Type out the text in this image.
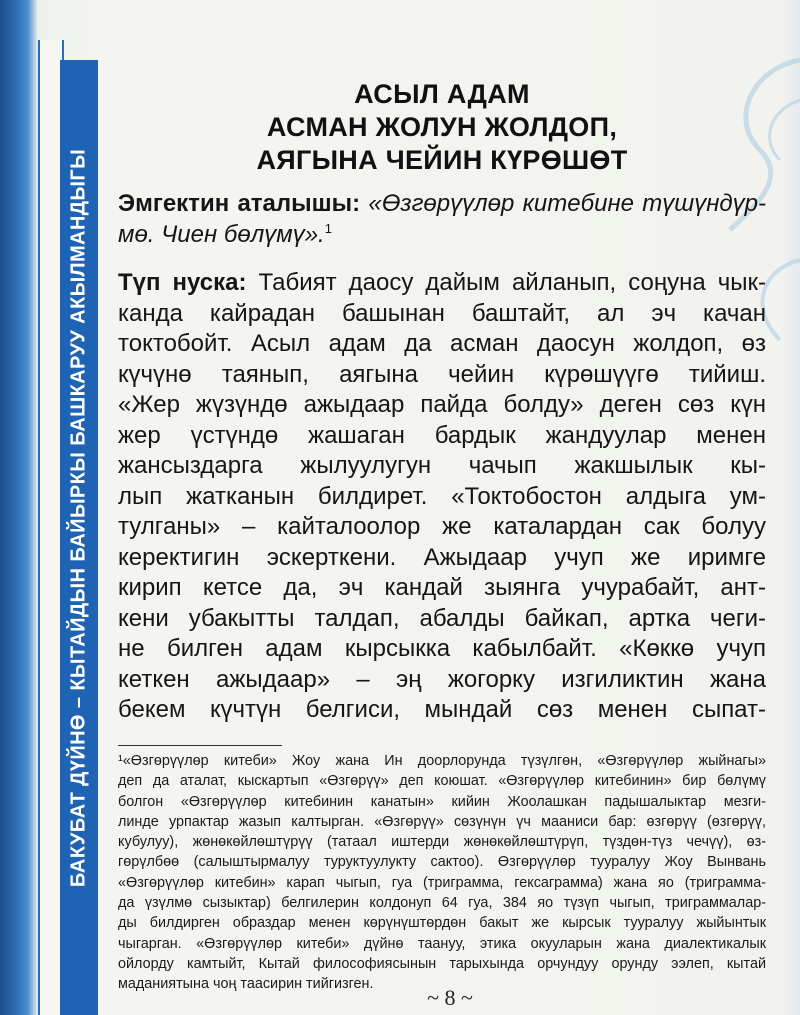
БАКУБАТ ДҮЙНӨ – КЫТАЙДЫН БАЙЫРКЫ БАШКАРУУ АКЫЛМАНДЫГЫ
АСЫЛ АДАМ
АСМАН ЖОЛУН ЖОЛДОП,
АЯГЫНА ЧЕЙИН КҮРӨШӨТ

Эмгектин аталышы: «Өзгөрүүлөр китебине түшүндүр-
мө. Чиен бөлүмү».$^1$

Түп нуска: Табият даосу дайым айланып, соңуна чык-
канда кайрадан башынан баштайт, ал эч качан
токтобойт. Асыл адам да асман даосун жолдоп, өз
күчүнө таянып, аягына чейин күрөшүүгө тийиш.
«Жер жүзүндө ажыдаар пайда болду» деген сөз күн
жер үстүндө жашаган бардык жандуулар менен
жансыздарга жылуулугун чачып жакшылык кы-
лып жатканын билдирет. «Токтобостон алдыга ум-
тулганы» – кайталоолор же каталардан сак болуу
керектигин эскерткени. Ажыдаар учуп же иримге
кирип кетсе да, эч кандай зыянга учурабайт, ант-
кени убакытты талдап, абалды байкап, артка чеги-
не билген адам кырсыкка кабылбайт. «Көккө учуп
кеткен ажыдаар» – эң жогорку изгиликтин жана
бекем күчтүн белгиси, мындай сөз менен сыпат-

¹«Өзгөрүүлөр китеби» Жоу жана Ин доорлорунда түзүлгөн, «Өзгөрүүлөр жыйнагы»
деп да аталат, кыскартып «Өзгөрүү» деп коюшат. «Өзгөрүүлөр китебинин» бир бөлүмү
болгон «Өзгөрүүлөр китебинин канатын» кийин Жоолашкан падышалыктар мезги-
линде урпактар жазып калтырган. «Өзгөрүү» сөзүнүн үч мааниси бар: өзгөрүү (өзгөрүү,
кубулуу), жөнөкөйлөштүрүү (татаал иштерди жөнөкөйлөштүрүп, түздөн-түз чечүү), өз-
гөрүлбөө (салыштырмалуу туруктуулукту сактоо). Өзгөрүүлөр тууралуу Жоу Вынвань
«Өзгөрүүлөр китебин» карап чыгып, гуа (триграмма, гексаграмма) жана яо (триграмма-
да үзүлмө сызыктар) белгилерин колдонуп 64 гуа, 384 яо түзүп чыгып, триграммалар-
ды билдирген образдар менен көрүнүштөрдөн бакыт же кырсык тууралуу жыйынтык
чыгарган. «Өзгөрүүлөр китеби» дүйнө таануу, этика окууларын жана диалектикалык
ойлорду камтыйт, Кытай философиясынын тарыхында орчундуу орунду ээлеп, кытай
маданиятына чоң таасирин тийгизген.
~ 8 ~
